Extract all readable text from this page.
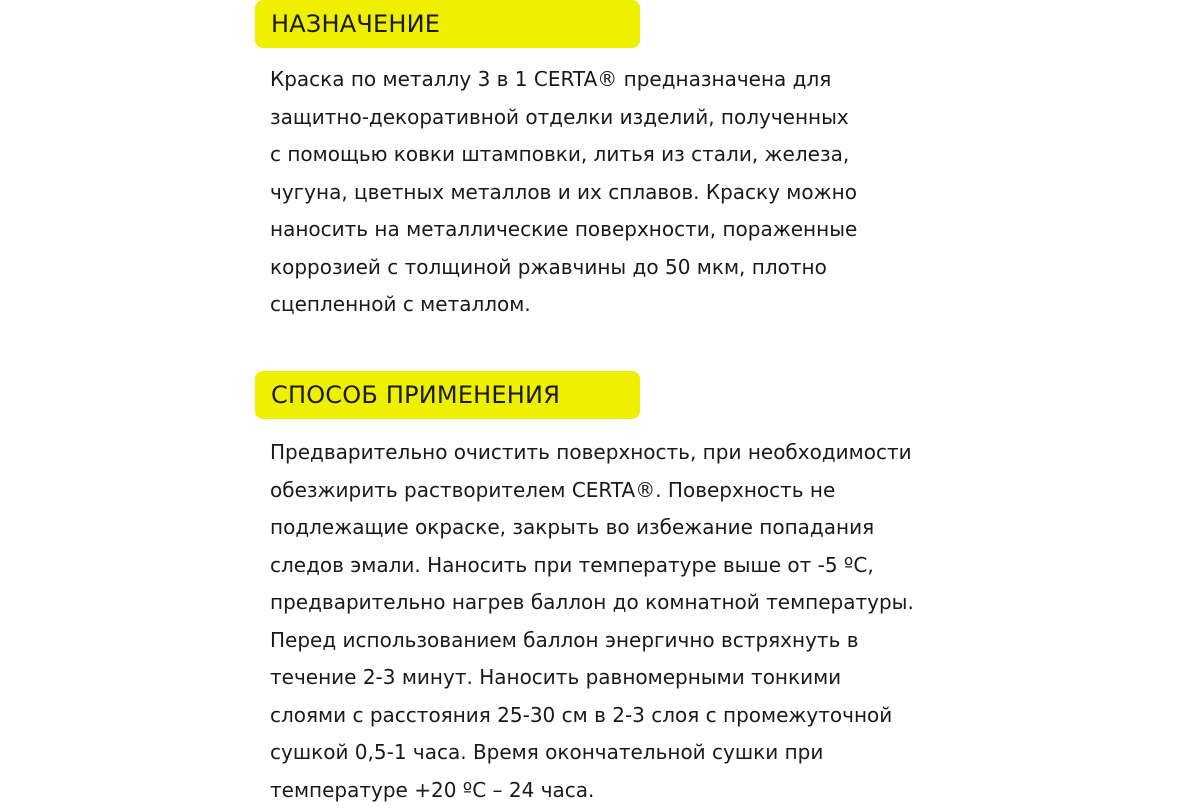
НАЗНАЧЕНИЕ
Краска по металлу 3 в 1 CERTA® предназначена для
защитно-декоративной отделки изделий, полученных
с помощью ковки штамповки, литья из стали, железа,
чугуна, цветных металлов и их сплавов. Краску можно
наносить на металлические поверхности, пораженные
коррозией с толщиной ржавчины до 50 мкм, плотно
сцепленной с металлом.
СПОСОБ ПРИМЕНЕНИЯ
Предварительно очистить поверхность, при необходимости
обезжирить растворителем CERTA®. Поверхность не
подлежащие окраске, закрыть во избежание попадания
следов эмали. Наносить при температуре выше от -5 ºС,
предварительно нагрев баллон до комнатной температуры.
Перед использованием баллон энергично встряхнуть в
течение 2-3 минут. Наносить равномерными тонкими
слоями с расстояния 25-30 см в 2-3 слоя с промежуточной
сушкой 0,5-1 часа. Время окончательной сушки при
температуре +20 ºС – 24 часа.
